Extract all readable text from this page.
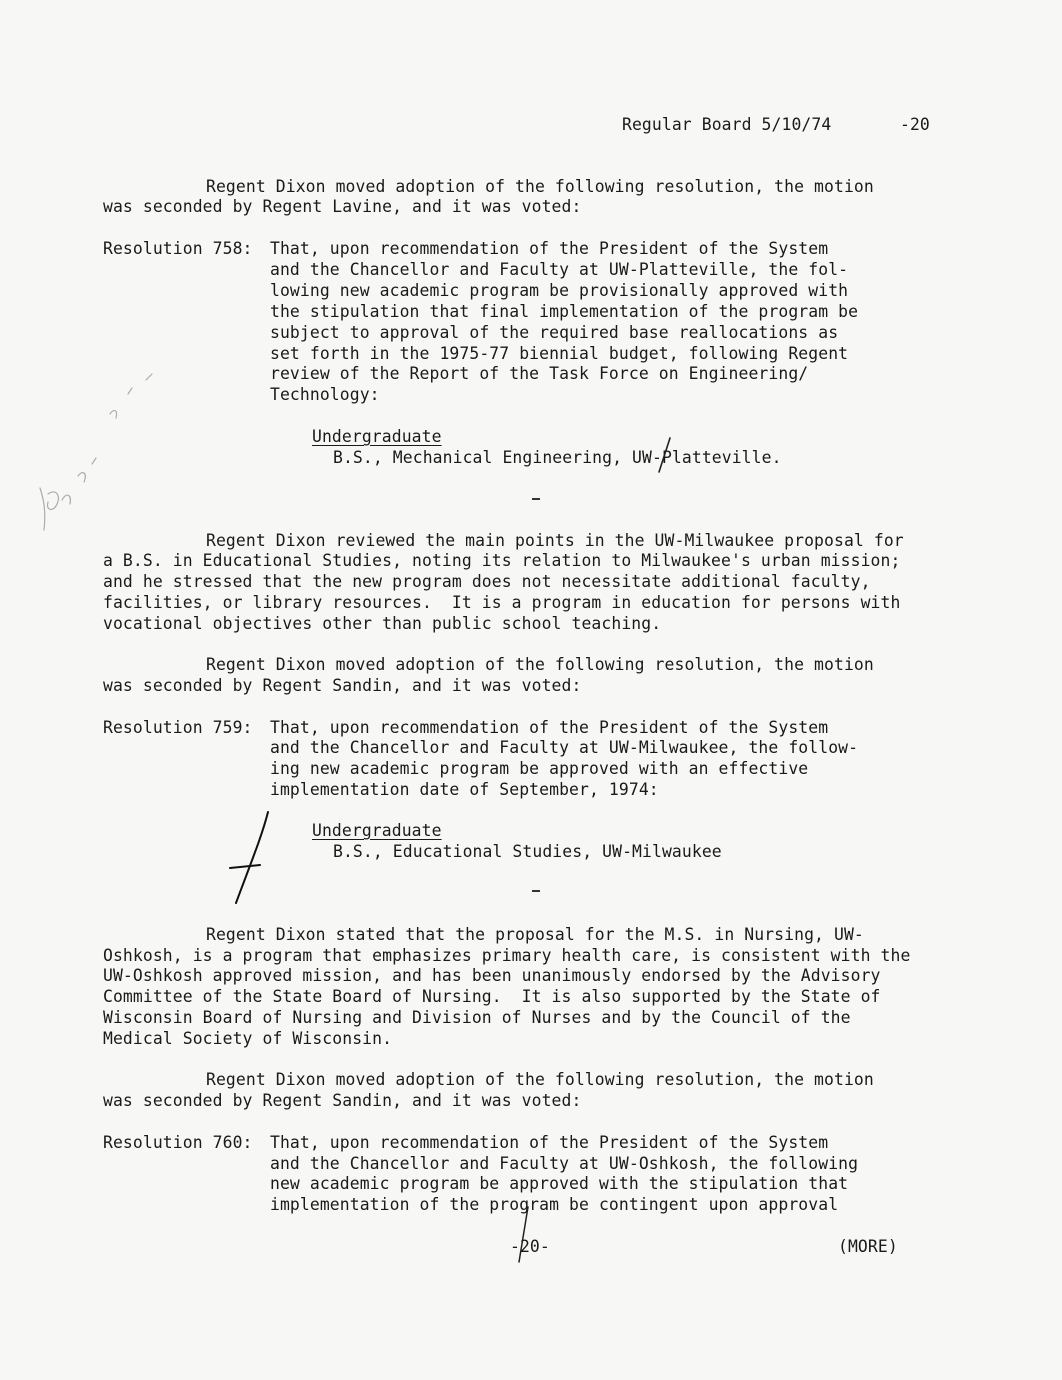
Regular Board 5/10/74	-20
Regent Dixon moved adoption of the following resolution, the motion
was seconded by Regent Lavine, and it was voted:
Resolution 758: That, upon recommendation of the President of the System
and the Chancellor and Faculty at UW-Platteville, the fol-
lowing new academic program be provisionally approved with
the stipulation that final implementation of the program be
subject to approval of the required base reallocations as
set forth in the 1975-77 biennial budget, following Regent
review of the Report of the Task Force on Engineering/
Technology:
Undergraduate
B.S., Mechanical Engineering, UW-Platteville.
Regent Dixon reviewed the main points in the UW-Milwaukee proposal for
a B.S. in Educational Studies, noting its relation to Milwaukee's urban mission;
and he stressed that the new program does not necessitate additional faculty,
facilities, or library resources.  It is a program in education for persons with
vocational objectives other than public school teaching.
Regent Dixon moved adoption of the following resolution, the motion
was seconded by Regent Sandin, and it was voted:
Resolution 759: That, upon recommendation of the President of the System
and the Chancellor and Faculty at UW-Milwaukee, the follow-
ing new academic program be approved with an effective
implementation date of September, 1974:
Undergraduate
B.S., Educational Studies, UW-Milwaukee
Regent Dixon stated that the proposal for the M.S. in Nursing, UW-
Oshkosh, is a program that emphasizes primary health care, is consistent with the
UW-Oshkosh approved mission, and has been unanimously endorsed by the Advisory
Committee of the State Board of Nursing.  It is also supported by the State of
Wisconsin Board of Nursing and Division of Nurses and by the Council of the
Medical Society of Wisconsin.
Regent Dixon moved adoption of the following resolution, the motion
was seconded by Regent Sandin, and it was voted:
Resolution 760: That, upon recommendation of the President of the System
and the Chancellor and Faculty at UW-Oshkosh, the following
new academic program be approved with the stipulation that
implementation of the program be contingent upon approval
-20-	(MORE)
